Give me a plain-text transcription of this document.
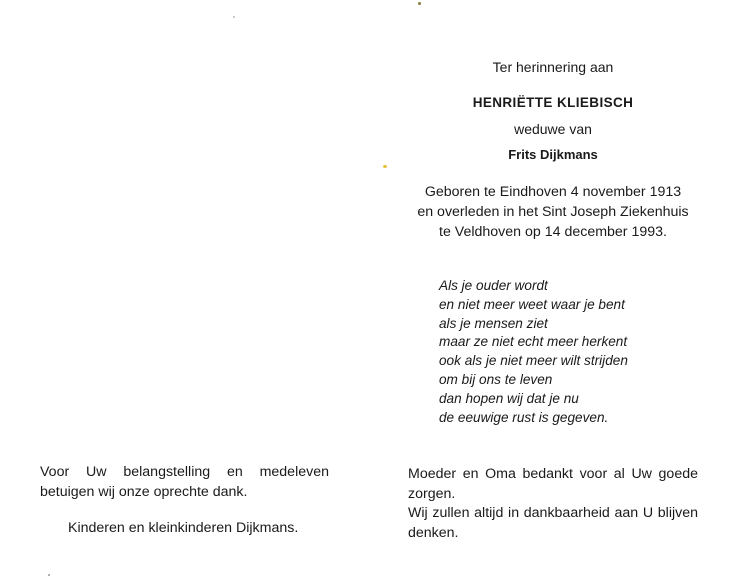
Ter herinnering aan
HENRIËTTE KLIEBISCH
weduwe van
Frits Dijkmans
Geboren te Eindhoven 4 november 1913
en overleden in het Sint Joseph Ziekenhuis
te Veldhoven op 14 december 1993.
Als je ouder wordt
en niet meer weet waar je bent
als je mensen ziet
maar ze niet echt meer herkent
ook als je niet meer wilt strijden
om bij ons te leven
dan hopen wij dat je nu
de eeuwige rust is gegeven.
Voor Uw belangstelling en medeleven betuigen wij onze oprechte dank.
Kinderen en kleinkinderen Dijkmans.

Moeder en Oma bedankt voor al Uw goede zorgen.

Wij zullen altijd in dankbaarheid aan U blijven denken.
